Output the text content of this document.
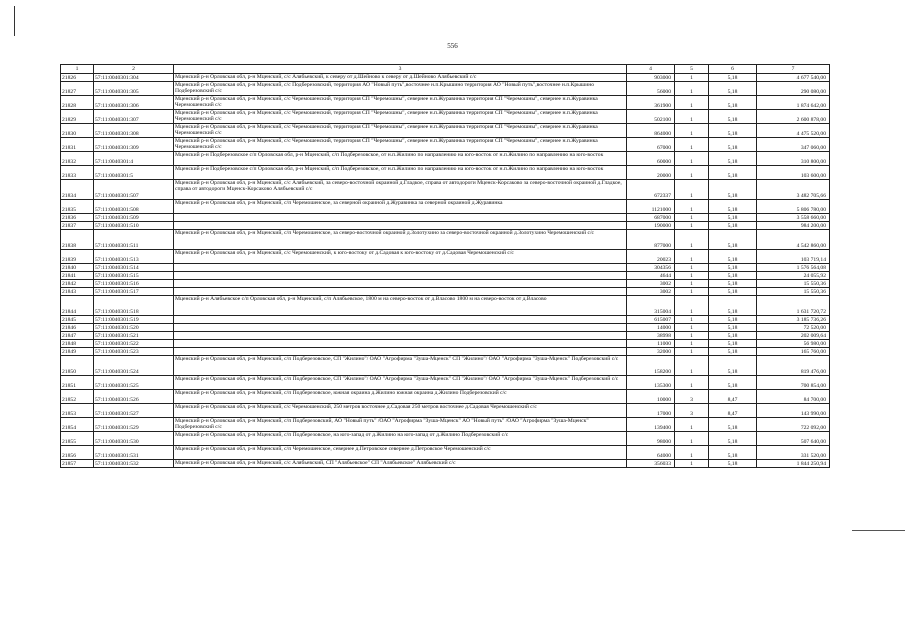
556
1	2	3	4	5	6	7
21826	57:11:0040301:304	Мценский р-н Орловская обл, р-н Мценский, с/с Алябьевский, к северу от д.Шейново к северу от д.Шейново Алябьевский с/с	903000	1	5,18	4 677 540,00
21827	57:11:0040301:305	Мценский р-н Орловская обл, р-н Мценский, с/с Подберезовский, территория АО "Новый путь",восточнее н.п.Крышино территория АО "Новый путь",восточнее н.п.Крышино Подберезовский с/с	56000	1	5,18	290 080,00
21828	57:11:0040301:306	Мценский р-н Орловская обл, р-н Мценский, с/с Черемошенский, территория СП "Черемошны", севернее н.п.Журавинка территория СП "Черемошны", севернее н.п.Журавинка Черемошенский с/с	361900	1	5,18	1 874 642,00
21829	57:11:0040301:307	Мценский р-н Орловская обл, р-н Мценский, с/с Черемошенский, территория СП "Черемошны", севернее н.п.Журавинка территория СП "Черемошны", севернее н.п.Журавинка Черемошенский с/с	502100	1	5,18	2 600 878,00
21830	57:11:0040301:308	Мценский р-н Орловская обл, р-н Мценский, с/с Черемошенский, территория СП "Черемошны", севернее н.п.Журавинка территория СП "Черемошны", севернее н.п.Журавинка Черемошенский с/с	864000	1	5,18	4 475 520,00
21831	57:11:0040301:309	Мценский р-н Орловская обл, р-н Мценский, с/с Черемошенский, территория СП "Черемошны", севернее н.п.Журавинка территория СП "Черемошны", севернее н.п.Журавинка Черемошенский с/с	67000	1	5,18	347 060,00
21832	57:11:0040301:4	Мценский р-н Подберезовское с/п Орловская обл, р-н Мценский, с/п Подберезовское, от н.п.Жилино по направлению на юго-восток от н.п.Жилино по направлению на юго-восток	60000	1	5,18	310 800,00
21833	57:11:0040301:5	Мценский р-н Подберезовское с/п Орловская обл, р-н Мценский, с/п Подберезовское, от н.п.Жилино по направлению на юго-восток от н.п.Жилино по направлению на юго-восток	20000	1	5,18	103 600,00
21834	57:11:0040301:507	Мценский р-н Орловская обл, р-н Мценский, с/с Алябьевский, за северо-восточной окраиной д.Гладкое, справа от автодороги Мценск-Корсаково за северо-восточной окраиной д.Гладкое, справа от автодороги Мценск-Корсаково Алябьевский с/с	672337	1	5,18	3 482 705,66
21835	57:11:0040301:508	Мценский р-н Орловская обл, р-н Мценский, с/п Черемошенское, за северной окраиной д.Журавинка за северной окраиной д.Журавинка	1121000	1	5,18	5 806 780,00
21836	57:11:0040301:509		687000	1	5,18	3 558 660,00
21837	57:11:0040301:510		190000	1	5,18	984 200,00
21838	57:11:0040301:511	Мценский р-н Орловская обл, р-н Мценский, с/п Черемошенское, за северо-восточной окраиной д.Золотухино за северо-восточной окраиной д.Золотухино Черемошенский с/с	877000	1	5,18	4 542 860,00
21839	57:11:0040301:513	Мценский р-н Орловская обл, р-н Мценский, с/с Черемошенский, к юго-востоку от д.Садовая к юго-востоку от д.Садовая Черемошенский с/с	20023	1	5,18	103 719,14
21840	57:11:0040301:514		304356	1	5,18	1 576 564,08
21841	57:11:0040301:515		4644	1	5,18	24 055,92
21842	57:11:0040301:516		3002	1	5,18	15 550,36
21843	57:11:0040301:517		3002	1	5,18	15 550,36
21844	57:11:0040301:518	Мценский р-н Алябьевское с/п Орловская обл, р-н Мценский, с/п Алябьевское, 1800 м на северо-восток от д.Власово 1800 м на северо-восток от д.Власово	315004	1	5,18	1 631 720,72
21845	57:11:0040301:519		615007	1	5,18	3 185 736,26
21846	57:11:0040301:520		14000	1	5,18	72 520,00
21847	57:11:0040301:521		38998	1	5,18	202 009,64
21848	57:11:0040301:522		11000	1	5,18	56 980,00
21849	57:11:0040301:523		32000	1	5,18	165 760,00
21850	57:11:0040301:524	Мценский р-н Орловская обл, р-н Мценский, с/п Подберезовское, СП "Жилино"/ ОАО "Агрофирма "Зуша-Мценск" СП "Жилино"/ ОАО "Агрофирма "Зуша-Мценск" Подберезовский с/с	158200	1	5,18	819 476,00
21851	57:11:0040301:525	Мценский р-н Орловская обл, р-н Мценский, с/п Подберезовское, СП "Жилино"/ ОАО "Агрофирма "Зуша-Мценск" СП "Жилино"/ ОАО "Агрофирма "Зуша-Мценск" Подберезовский с/с	135300	1	5,18	700 854,00
21852	57:11:0040301:526	Мценский р-н Орловская обл, р-н Мценский, с/п Подберезовское, южная окраина д.Жилино южная окраина д.Жилино Подберезовский с/с	10000	3	8,47	84 700,00
21853	57:11:0040301:527	Мценский р-н Орловская обл, р-н Мценский, с/с Черемошенский, 250 метров восточнее д.Садовая 250 метров восточнее д.Садовая Черемошенский с/с	17000	3	8,47	143 990,00
21854	57:11:0040301:529	Мценский р-н Орловская обл, р-н Мценский, с/п Подберезовский, АО "Новый путь" /ОАО "Агрофирма "Зуша-Мценск" АО "Новый путь" /ОАО "Агрофирма "Зуша-Мценск" Подберезовский с/с	139400	1	5,18	722 092,00
21855	57:11:0040301:530	Мценский р-н Орловская обл, р-н Мценский, с/п Подберезовское, на юго-запад от д.Жилино на юго-запад от д.Жилино Подберезовский с/с	98000	1	5,18	507 640,00
21856	57:11:0040301:531	Мценский р-н Орловская обл, р-н Мценский, с/п Черемошенское, севернее д.Петровское севернее д.Петровское Черемошенский с/с	64000	1	5,18	331 520,00
21857	57:11:0040301:532	Мценский р-н Орловская обл, р-н Мценский, с/с Алябьевский, СП "Алябьевское" СП "Алябьевское" Алябьевский с/с	356033	1	5,18	1 844 250,94
